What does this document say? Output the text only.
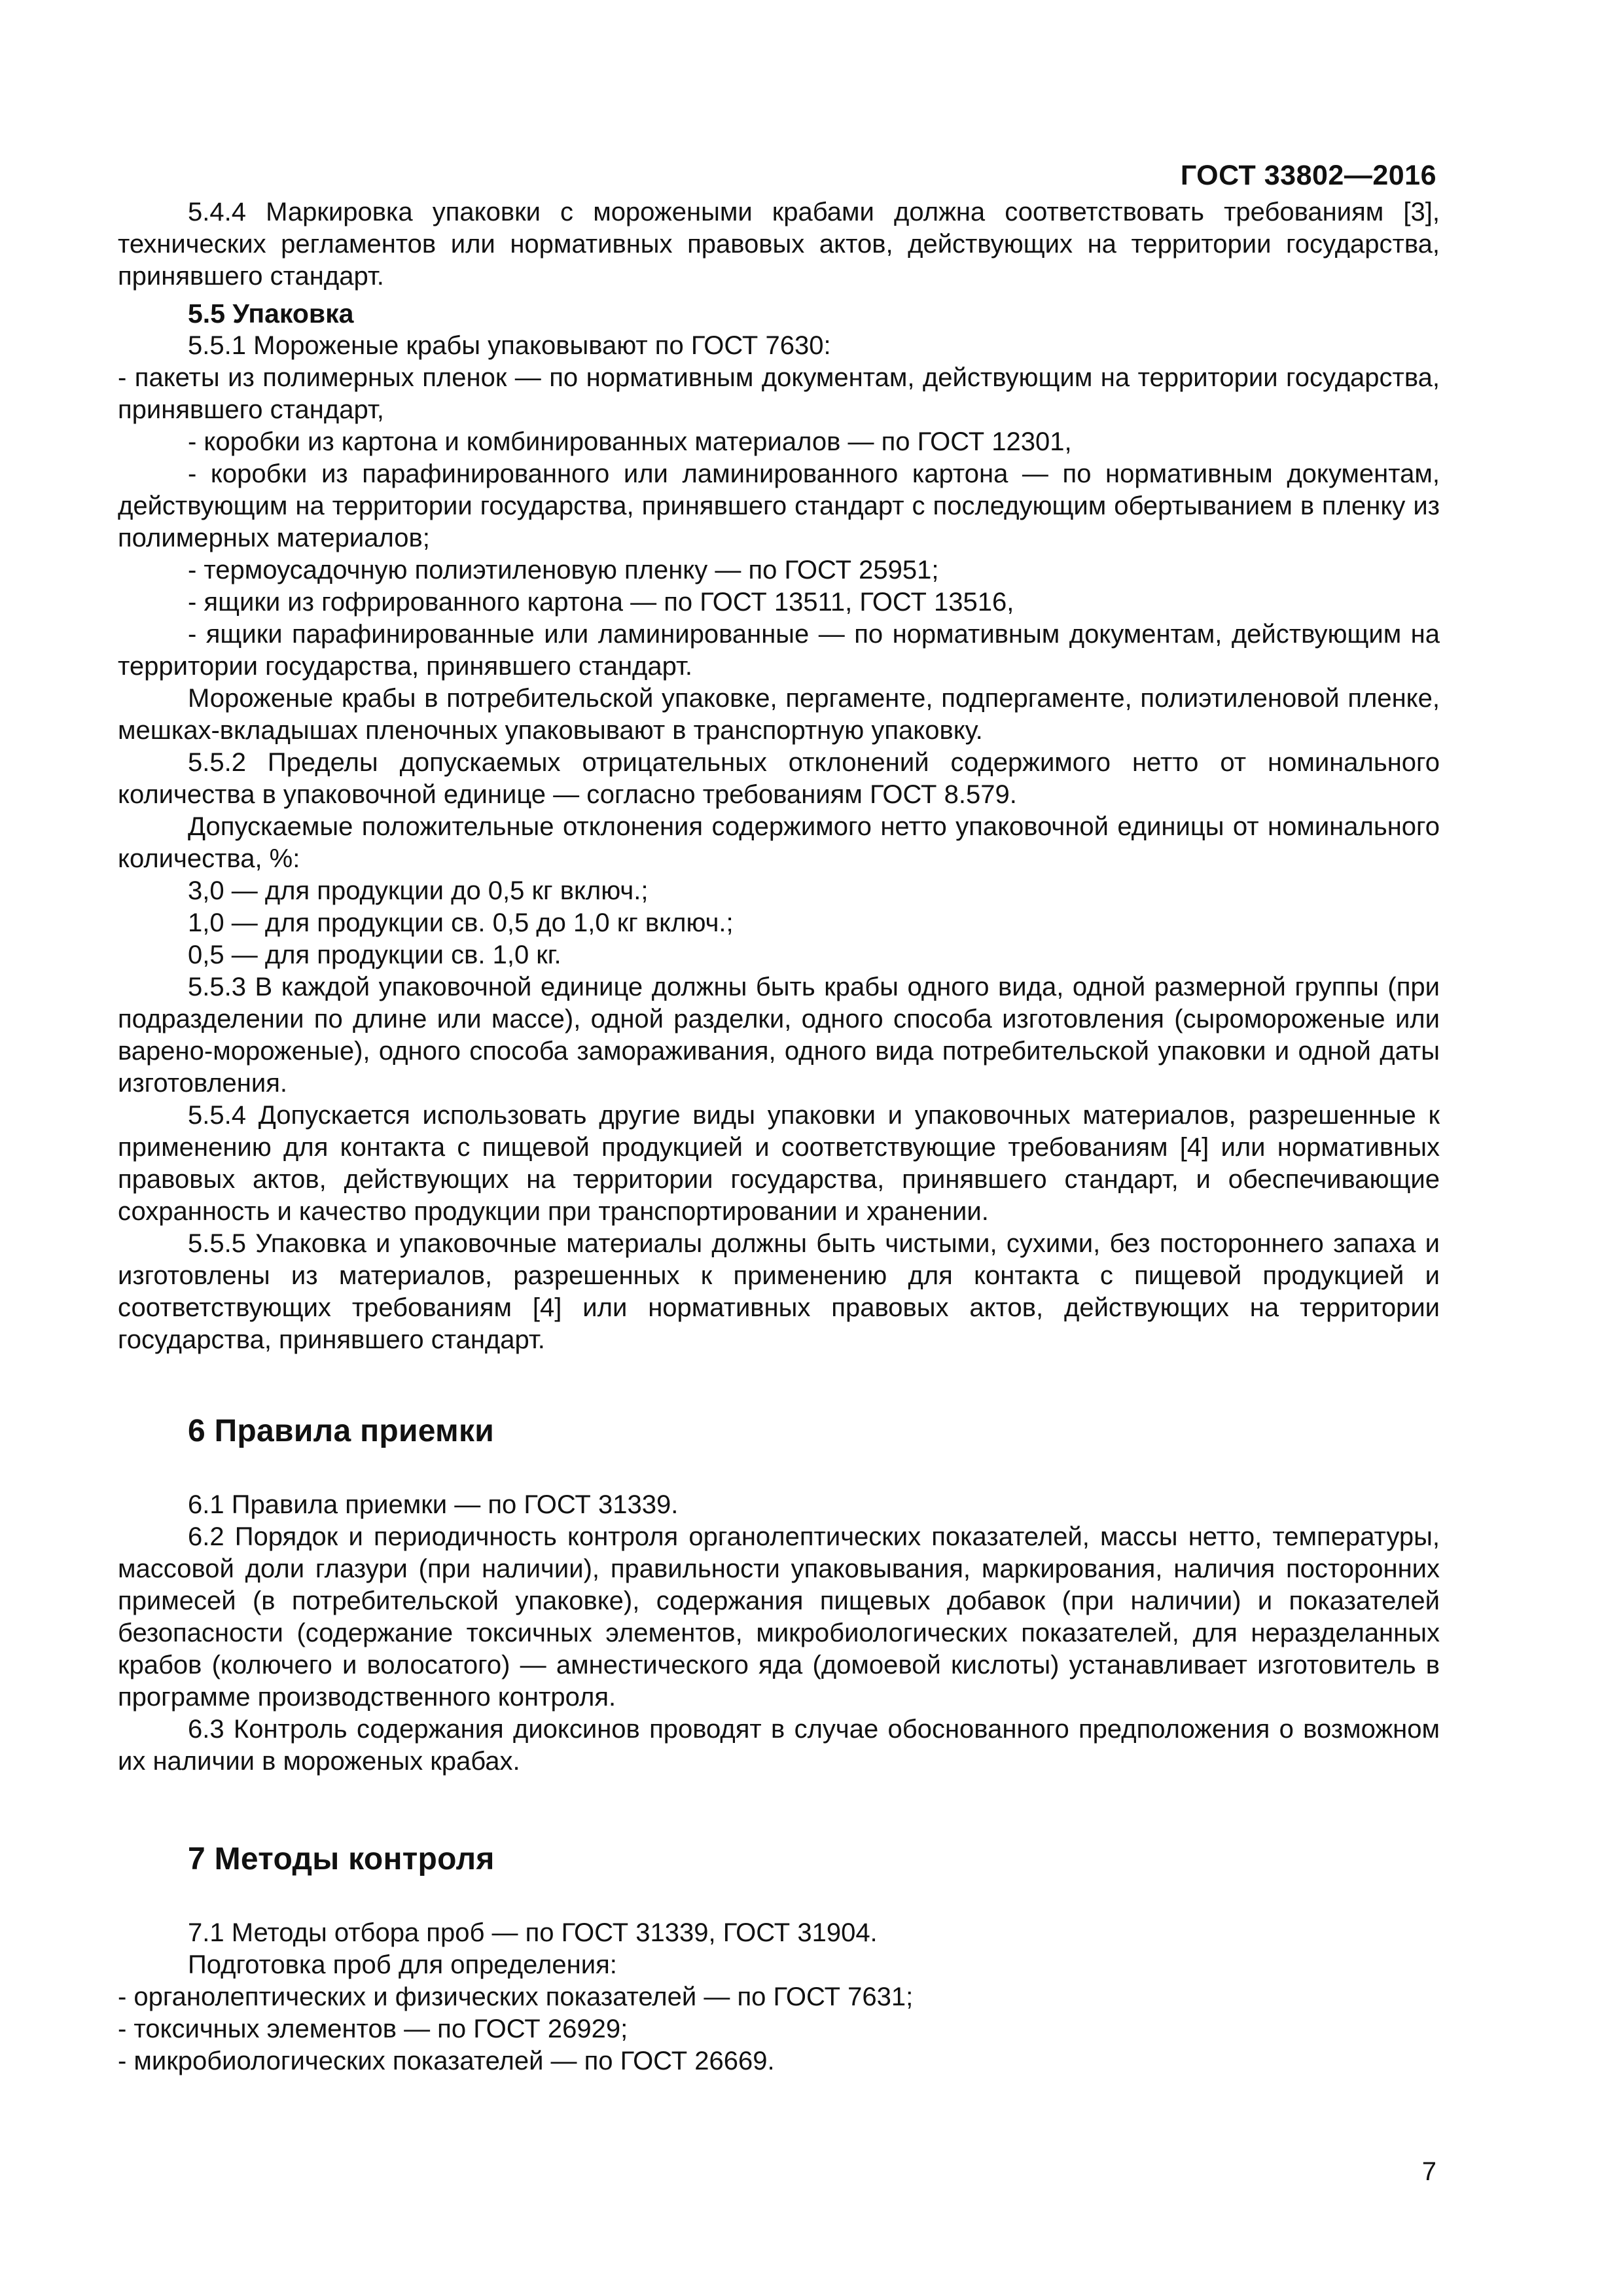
ГОСТ 33802—2016

5.4.4 Маркировка упаковки с морожеными крабами должна соответствовать требованиям [3], технических регламентов или нормативных правовых актов, действующих на территории государства, принявшего стандарт.

5.5 Упаковка

5.5.1 Мороженые крабы упаковывают по ГОСТ 7630:

- пакеты из полимерных пленок — по нормативным документам, действующим на территории государства, принявшего стандарт,

- коробки из картона и комбинированных материалов — по ГОСТ 12301,

- коробки из парафинированного или ламинированного картона — по нормативным документам, действующим на территории государства, принявшего стандарт с последующим обертыванием в пленку из полимерных материалов;

- термоусадочную полиэтиленовую пленку — по ГОСТ 25951;

- ящики из гофрированного картона — по ГОСТ 13511, ГОСТ 13516,

- ящики парафинированные или ламинированные — по нормативным документам, действующим на территории государства, принявшего стандарт.

Мороженые крабы в потребительской упаковке, пергаменте, подпергаменте, полиэтиленовой пленке, мешках-вкладышах пленочных упаковывают в транспортную упаковку.

5.5.2 Пределы допускаемых отрицательных отклонений содержимого нетто от номинального количества в упаковочной единице — согласно требованиям ГОСТ 8.579.

Допускаемые положительные отклонения содержимого нетто упаковочной единицы от номинального количества, %:

3,0 — для продукции до 0,5 кг включ.;

1,0 — для продукции св. 0,5 до 1,0 кг включ.;

0,5 — для продукции св. 1,0 кг.

5.5.3 В каждой упаковочной единице должны быть крабы одного вида, одной размерной группы (при подразделении по длине или массе), одной разделки, одного способа изготовления (сыромороженые или варено-мороженые), одного способа замораживания, одного вида потребительской упаковки и одной даты изготовления.

5.5.4 Допускается использовать другие виды упаковки и упаковочных материалов, разрешенные к применению для контакта с пищевой продукцией и соответствующие требованиям [4] или нормативных правовых актов, действующих на территории государства, принявшего стандарт, и обеспечивающие сохранность и качество продукции при транспортировании и хранении.

5.5.5 Упаковка и упаковочные материалы должны быть чистыми, сухими, без постороннего запаха и изготовлены из материалов, разрешенных к применению для контакта с пищевой продукцией и соответствующих требованиям [4] или нормативных правовых актов, действующих на территории государства, принявшего стандарт.

6 Правила приемки

6.1 Правила приемки — по ГОСТ 31339.

6.2 Порядок и периодичность контроля органолептических показателей, массы нетто, температуры, массовой доли глазури (при наличии), правильности упаковывания, маркирования, наличия посторонних примесей (в потребительской упаковке), содержания пищевых добавок (при наличии) и показателей безопасности (содержание токсичных элементов, микробиологических показателей, для неразделанных крабов (колючего и волосатого) — амнестического яда (домоевой кислоты) устанавливает изготовитель в программе производственного контроля.

6.3 Контроль содержания диоксинов проводят в случае обоснованного предположения о возможном их наличии в мороженых крабах.

7 Методы контроля

7.1 Методы отбора проб — по ГОСТ 31339, ГОСТ 31904.

Подготовка проб для определения:

- органолептических и физических показателей — по ГОСТ 7631;

- токсичных элементов — по ГОСТ 26929;

- микробиологических показателей — по ГОСТ 26669.

7
